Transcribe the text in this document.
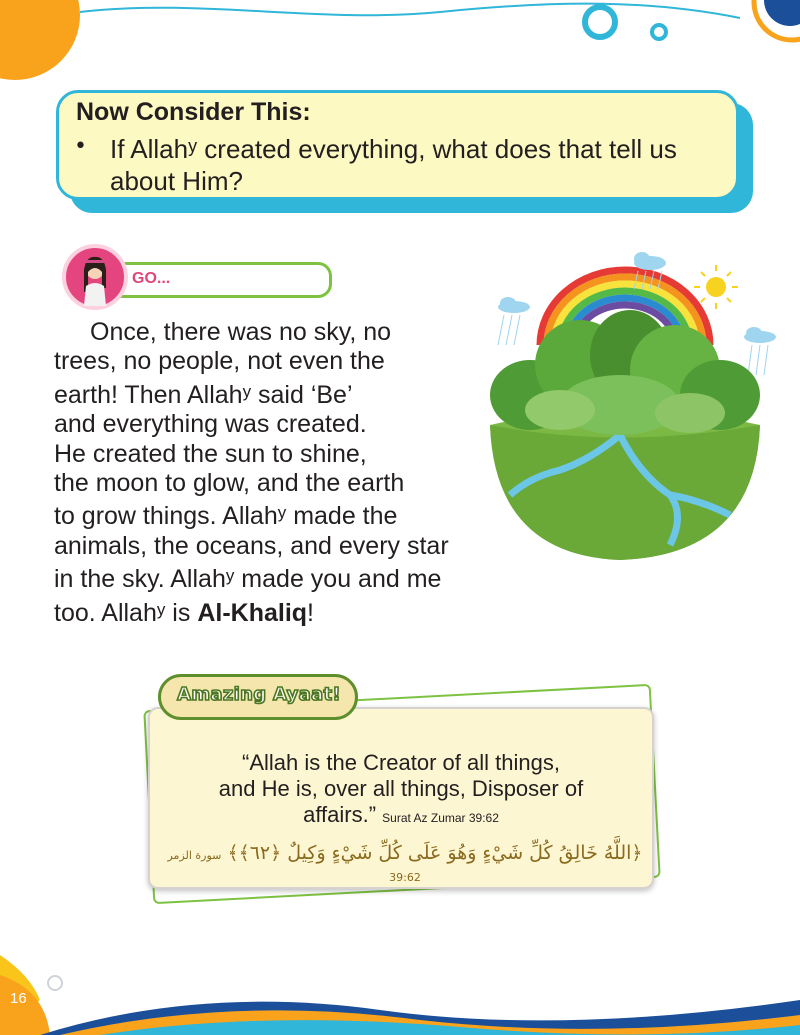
Now Consider This:
• If Allah$^y$ created everything, what does that tell us about Him?
GO...
Once, there was no sky, no
trees, no people, not even the
earth! Then Allah$^y$ said ‘Be’
and everything was created.
He created the sun to shine,
the moon to glow, and the earth
to grow things. Allah$^y$ made the
animals, the oceans, and every star
in the sky. Allah$^y$ made you and me
too. Allah$^y$ is Al-Khaliq!
Amazing Ayaat!
“Allah is the Creator of all things,
and He is, over all things, Disposer of
affairs.” Surat Az Zumar 39:62
﴿اللَّهُ خَالِقُ كُلِّ شَيْءٍ وَهُوَ عَلَى كُلِّ شَيْءٍ وَكِيلٌ ﴿٦٢﴾﴾ سورة الزمر 39:62
16
